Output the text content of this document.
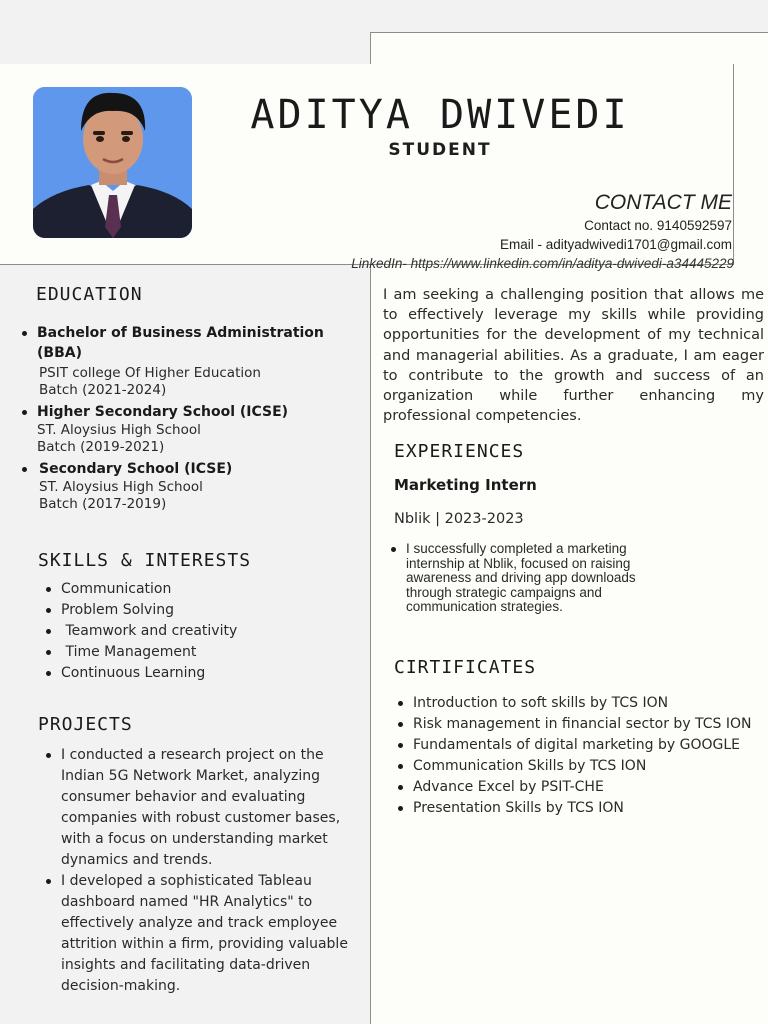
ADITYA DWIVEDI
STUDENT
CONTACT ME
Contact no. 9140592597
Email - adityadwivedi1701@gmail.com
LinkedIn- https://www.linkedin.com/in/aditya-dwivedi-a34445229
EDUCATION
Bachelor of Business Administration (BBA)
PSIT college Of Higher Education
Batch (2021-2024)
Higher Secondary School (ICSE)
ST. Aloysius High School
Batch (2019-2021)
Secondary School (ICSE)
ST. Aloysius High School
Batch (2017-2019)
SKILLS & INTERESTS
Communication
Problem Solving
Teamwork and creativity
Time Management
Continuous Learning
PROJECTS
I conducted a research project on the Indian 5G Network Market, analyzing consumer behavior and evaluating companies with robust customer bases, with a focus on understanding market dynamics and trends.
I developed a sophisticated Tableau dashboard named "HR Analytics" to effectively analyze and track employee attrition within a firm, providing valuable insights and facilitating data-driven decision-making.
I am seeking a challenging position that allows me to effectively leverage my skills while providing opportunities for the development of my technical and managerial abilities. As a graduate, I am eager to contribute to the growth and success of an organization while further enhancing my professional competencies.
EXPERIENCES
Marketing Intern
Nblik | 2023-2023
I successfully completed a marketing internship at Nblik, focused on raising awareness and driving app downloads through strategic campaigns and communication strategies.
CIRTIFICATES
Introduction to soft skills by TCS ION
Risk management in financial sector by TCS ION
Fundamentals of digital marketing by GOOGLE
Communication Skills by TCS ION
Advance Excel by PSIT-CHE
Presentation Skills by TCS ION
